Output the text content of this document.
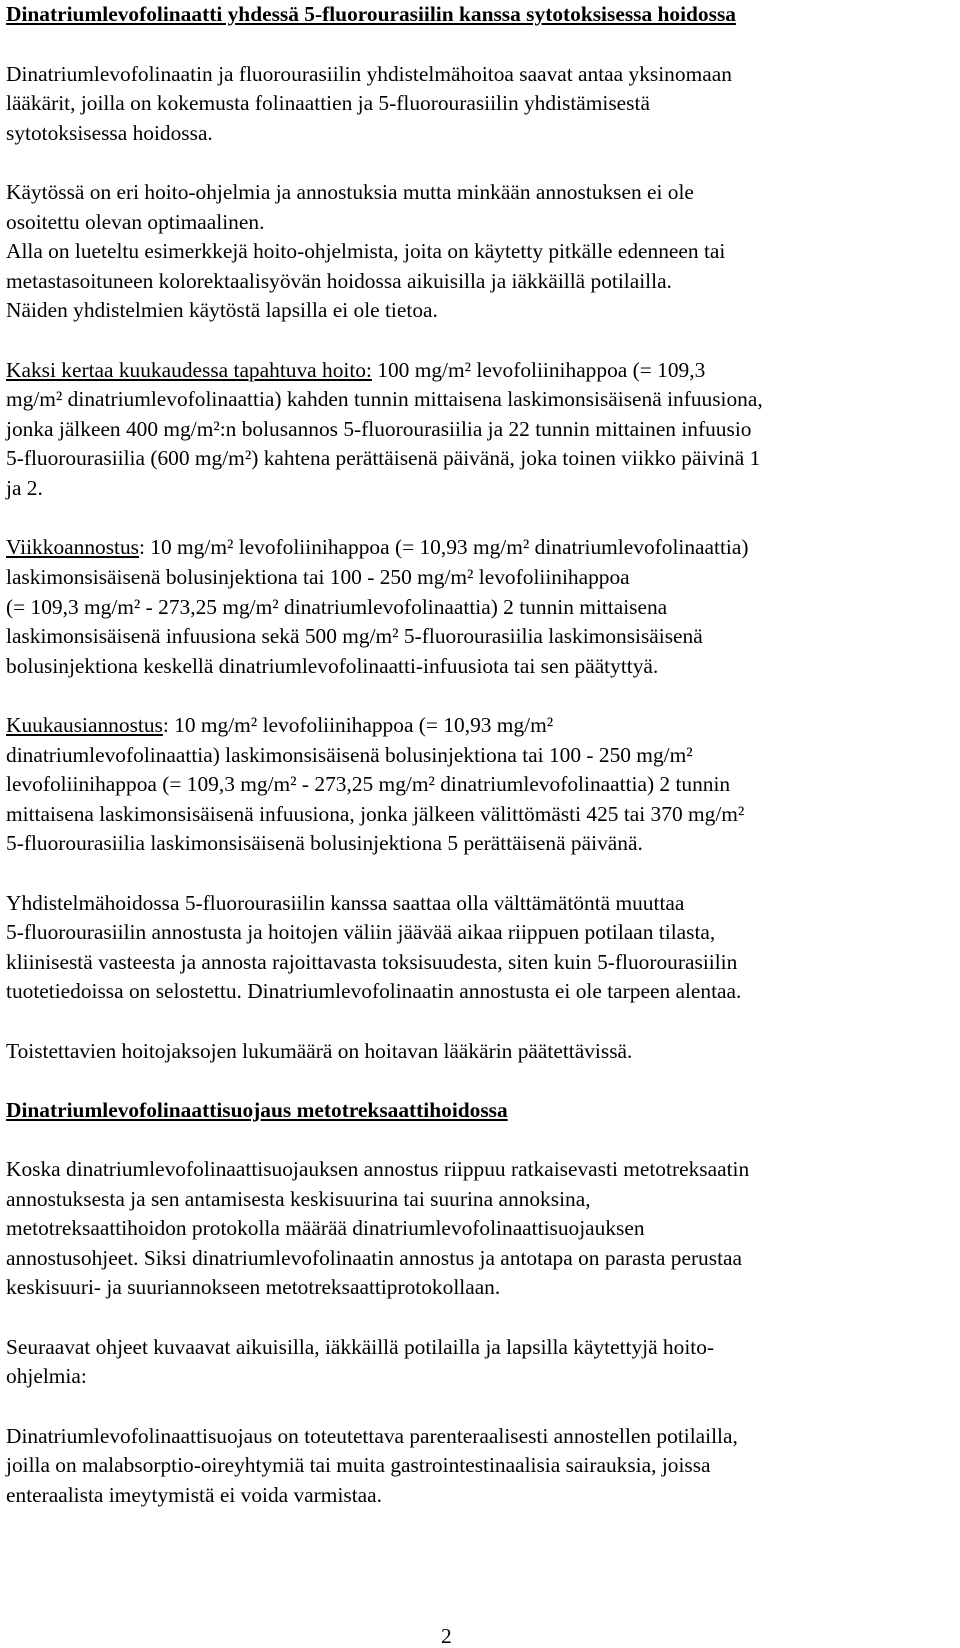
Dinatriumlevofolinaatti yhdessä 5-fluorourasiilin kanssa sytotoksisessa hoidossa
Dinatriumlevofolinaatin ja fluorourasiilin yhdistelmähoitoa saavat antaa yksinomaan
lääkärit, joilla on kokemusta folinaattien ja 5-fluorourasiilin yhdistämisestä
sytotoksisessa hoidossa.
Käytössä on eri hoito-ohjelmia ja annostuksia mutta minkään annostuksen ei ole
osoitettu olevan optimaalinen.
Alla on lueteltu esimerkkejä hoito-ohjelmista, joita on käytetty pitkälle edenneen tai
metastasoituneen kolorektaalisyövän hoidossa aikuisilla ja iäkkäillä potilailla.
Näiden yhdistelmien käytöstä lapsilla ei ole tietoa.
Kaksi kertaa kuukaudessa tapahtuva hoito: 100 mg/m² levofoliinihappoa (= 109,3
mg/m² dinatriumlevofolinaattia) kahden tunnin mittaisena laskimonsisäisenä infuusiona,
jonka jälkeen 400 mg/m²:n bolusannos 5-fluorourasiilia ja 22 tunnin mittainen infuusio
5-fluorourasiilia (600 mg/m²) kahtena perättäisenä päivänä, joka toinen viikko päivinä 1
ja 2.
Viikkoannostus: 10 mg/m² levofoliinihappoa (= 10,93 mg/m² dinatriumlevofolinaattia)
laskimonsisäisenä bolusinjektiona tai 100 - 250 mg/m² levofoliinihappoa
(= 109,3 mg/m² - 273,25 mg/m² dinatriumlevofolinaattia) 2 tunnin mittaisena
laskimonsisäisenä infuusiona sekä 500 mg/m² 5-fluorourasiilia laskimonsisäisenä
bolusinjektiona keskellä dinatriumlevofolinaatti-infuusiota tai sen päätyttyä.
Kuukausiannostus: 10 mg/m² levofoliinihappoa (= 10,93 mg/m²
dinatriumlevofolinaattia) laskimonsisäisenä bolusinjektiona tai 100 - 250 mg/m²
levofoliinihappoa (= 109,3 mg/m² - 273,25 mg/m² dinatriumlevofolinaattia) 2 tunnin
mittaisena laskimonsisäisenä infuusiona, jonka jälkeen välittömästi 425 tai 370 mg/m²
5-fluorourasiilia laskimonsisäisenä bolusinjektiona 5 perättäisenä päivänä.
Yhdistelmähoidossa 5-fluorourasiilin kanssa saattaa olla välttämätöntä muuttaa
5-fluorourasiilin annostusta ja hoitojen väliin jäävää aikaa riippuen potilaan tilasta,
kliinisestä vasteesta ja annosta rajoittavasta toksisuudesta, siten kuin 5-fluorourasiilin
tuotetiedoissa on selostettu. Dinatriumlevofolinaatin annostusta ei ole tarpeen alentaa.
Toistettavien hoitojaksojen lukumäärä on hoitavan lääkärin päätettävissä.
Dinatriumlevofolinaattisuojaus metotreksaattihoidossa
Koska dinatriumlevofolinaattisuojauksen annostus riippuu ratkaisevasti metotreksaatin
annostuksesta ja sen antamisesta keskisuurina tai suurina annoksina,
metotreksaattihoidon protokolla määrää dinatriumlevofolinaattisuojauksen
annostusohjeet. Siksi dinatriumlevofolinaatin annostus ja antotapa on parasta perustaa
keskisuuri- ja suuriannokseen metotreksaattiprotokollaan.
Seuraavat ohjeet kuvaavat aikuisilla, iäkkäillä potilailla ja lapsilla käytettyjä hoito-
ohjelmia:
Dinatriumlevofolinaattisuojaus on toteutettava parenteraalisesti annostellen potilailla,
joilla on malabsorptio-oireyhtymiä tai muita gastrointestinaalisia sairauksia, joissa
enteraalista imeytymistä ei voida varmistaa.
2
